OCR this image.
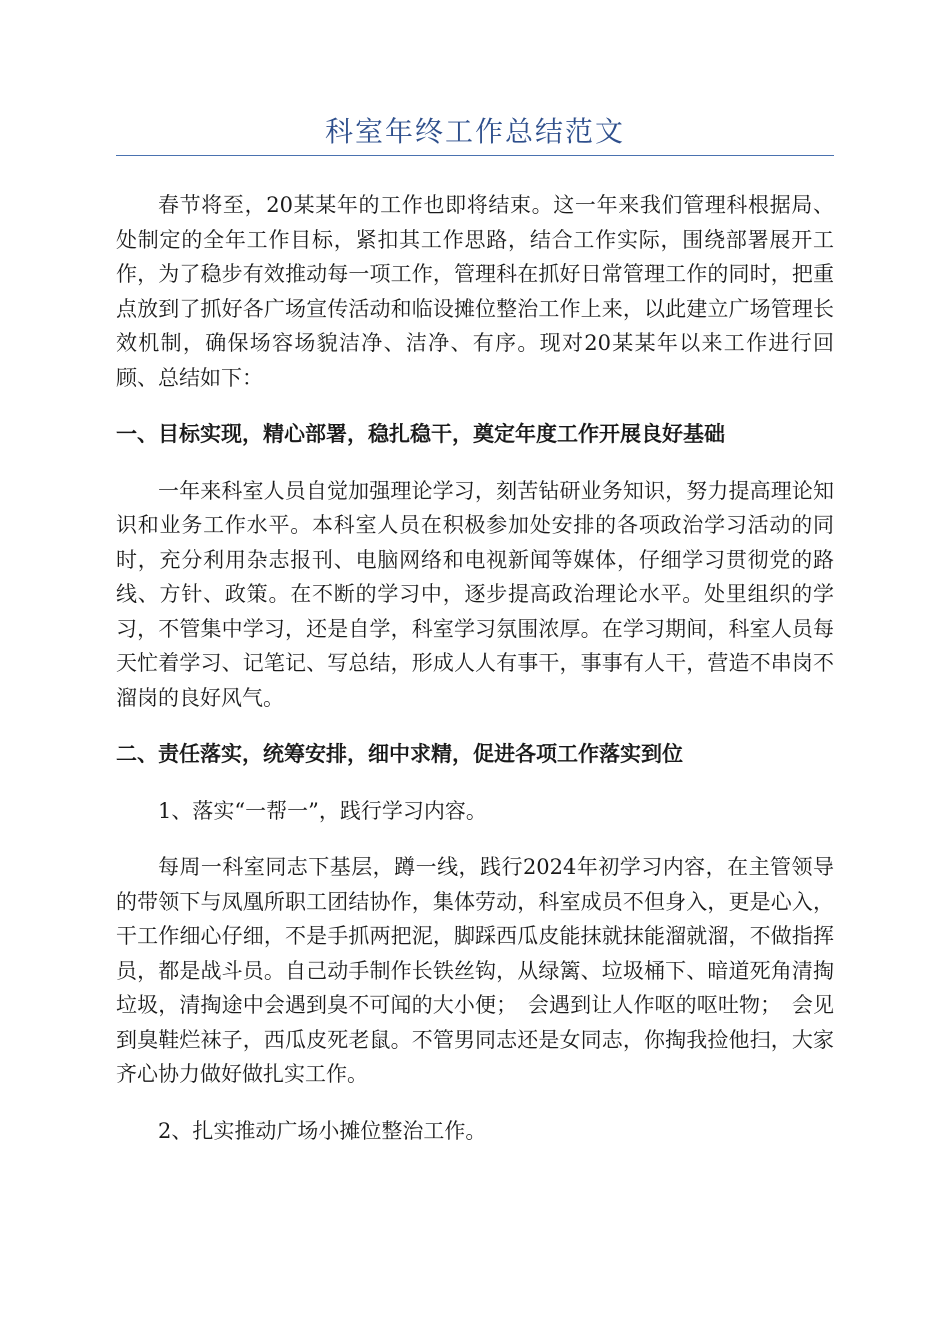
科室年终工作总结范文

春节将至，20某某年的工作也即将结束。这一年来我们管理科根据局、处制定的全年工作目标，紧扣其工作思路，结合工作实际，围绕部署展开工作，为了稳步有效推动每一项工作，管理科在抓好日常管理工作的同时，把重点放到了抓好各广场宣传活动和临设摊位整治工作上来，以此建立广场管理长效机制，确保场容场貌洁净、洁净、有序。现对20某某年以来工作进行回顾、总结如下：

一、目标实现，精心部署，稳扎稳干，奠定年度工作开展良好基础

一年来科室人员自觉加强理论学习，刻苦钻研业务知识，努力提高理论知识和业务工作水平。本科室人员在积极参加处安排的各项政治学习活动的同时，充分利用杂志报刊、电脑网络和电视新闻等媒体，仔细学习贯彻党的路线、方针、政策。在不断的学习中，逐步提高政治理论水平。处里组织的学习，不管集中学习，还是自学，科室学习氛围浓厚。在学习期间，科室人员每天忙着学习、记笔记、写总结，形成人人有事干，事事有人干，营造不串岗不溜岗的良好风气。

二、责任落实，统筹安排，细中求精，促进各项工作落实到位

1、落实“一帮一”，践行学习内容。

每周一科室同志下基层，蹲一线，践行2024年初学习内容，在主管领导的带领下与凤凰所职工团结协作，集体劳动，科室成员不但身入，更是心入，干工作细心仔细，不是手抓两把泥，脚踩西瓜皮能抹就抹能溜就溜，不做指挥员，都是战斗员。自己动手制作长铁丝钩，从绿篱、垃圾桶下、暗道死角清掏垃圾，清掏途中会遇到臭不可闻的大小便；　会遇到让人作呕的呕吐物；　会见到臭鞋烂袜子，西瓜皮死老鼠。不管男同志还是女同志，你掏我捡他扫，大家齐心协力做好做扎实工作。

2、扎实推动广场小摊位整治工作。
